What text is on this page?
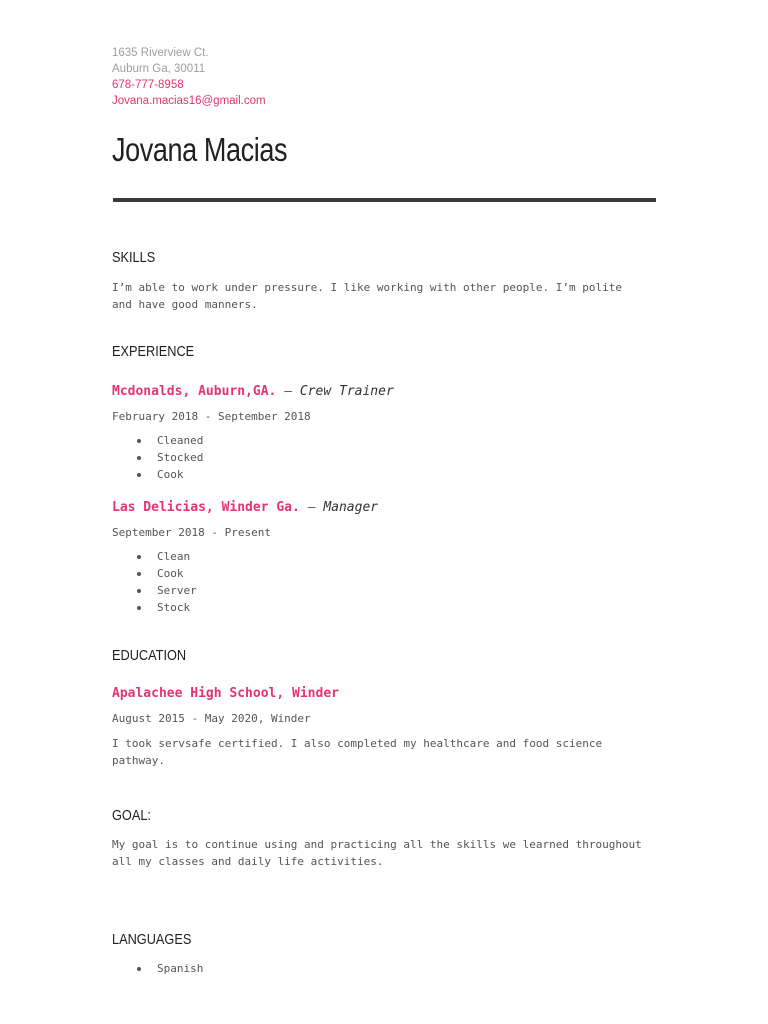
1635 Riverview Ct.
Auburn Ga, 30011
678-777-8958
Jovana.macias16@gmail.com
Jovana Macias
SKILLS
I’m able to work under pressure. I like working with other people. I’m polite
and have good manners.
EXPERIENCE
Mcdonalds, Auburn,GA. — Crew Trainer
February 2018 - September 2018
Cleaned
Stocked
Cook
Las Delicias, Winder Ga. — Manager
September 2018 - Present
Clean
Cook
Server
Stock
EDUCATION
Apalachee High School, Winder
August 2015 - May 2020, Winder
I took servsafe certified. I also completed my healthcare and food science
pathway.
GOAL:
My goal is to continue using and practicing all the skills we learned throughout
all my classes and daily life activities.
LANGUAGES
Spanish
